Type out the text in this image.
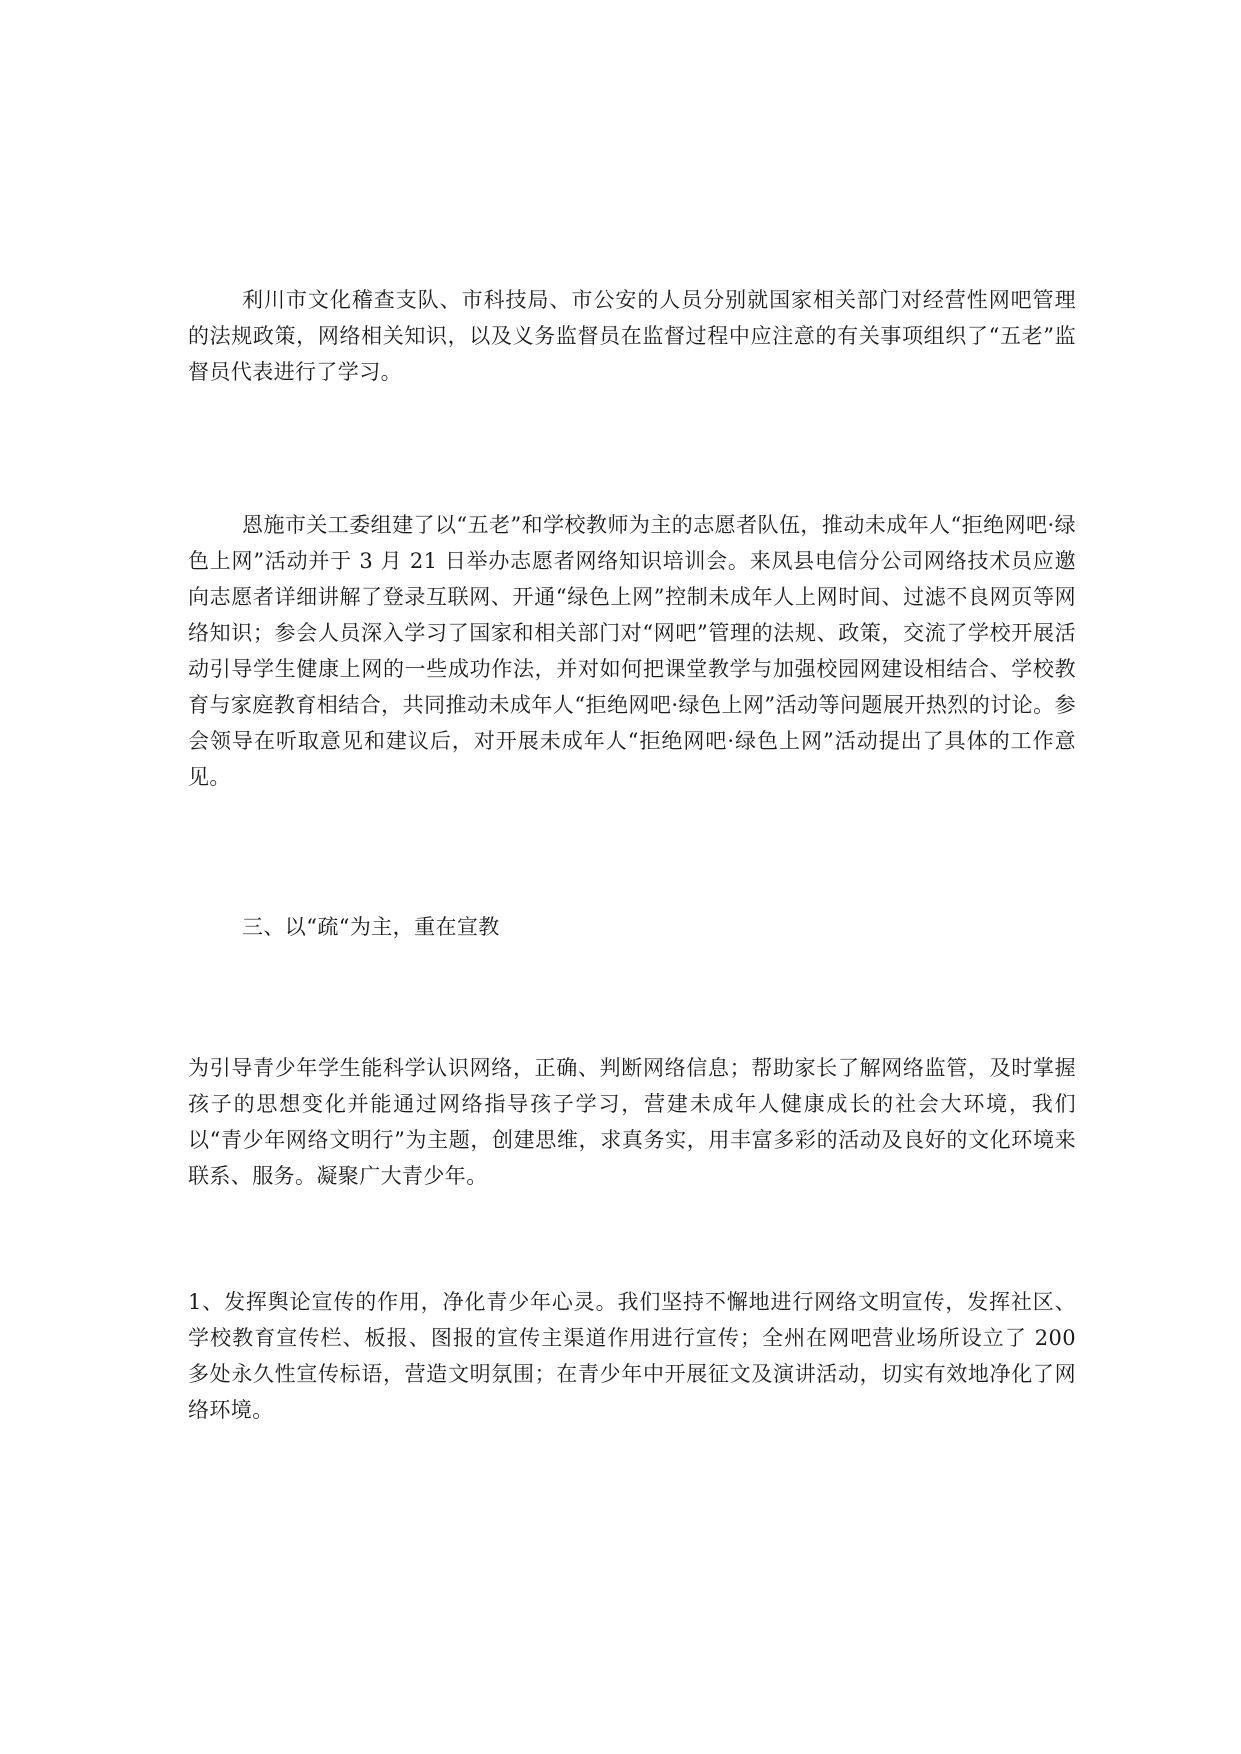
利川市文化稽查支队、市科技局、市公安的人员分别就国家相关部门对经营性网吧管理的法规政策，网络相关知识，以及义务监督员在监督过程中应注意的有关事项组织了“五老”监督员代表进行了学习。

恩施市关工委组建了以“五老”和学校教师为主的志愿者队伍，推动未成年人“拒绝网吧·绿色上网”活动并于 3 月 21 日举办志愿者网络知识培训会。来凤县电信分公司网络技术员应邀向志愿者详细讲解了登录互联网、开通“绿色上网”控制未成年人上网时间、过滤不良网页等网络知识；参会人员深入学习了国家和相关部门对“网吧”管理的法规、政策，交流了学校开展活动引导学生健康上网的一些成功作法，并对如何把课堂教学与加强校园网建设相结合、学校教育与家庭教育相结合，共同推动未成年人“拒绝网吧·绿色上网”活动等问题展开热烈的讨论。参会领导在听取意见和建议后，对开展未成年人“拒绝网吧·绿色上网”活动提出了具体的工作意见。

三、以“疏“为主，重在宣教

为引导青少年学生能科学认识网络，正确、判断网络信息；帮助家长了解网络监管，及时掌握孩子的思想变化并能通过网络指导孩子学习，营建未成年人健康成长的社会大环境，我们以“青少年网络文明行”为主题，创建思维，求真务实，用丰富多彩的活动及良好的文化环境来联系、服务。凝聚广大青少年。

1、发挥舆论宣传的作用，净化青少年心灵。我们坚持不懈地进行网络文明宣传，发挥社区、学校教育宣传栏、板报、图报的宣传主渠道作用进行宣传；全州在网吧营业场所设立了 200 多处永久性宣传标语，营造文明氛围；在青少年中开展征文及演讲活动，切实有效地净化了网络环境。
